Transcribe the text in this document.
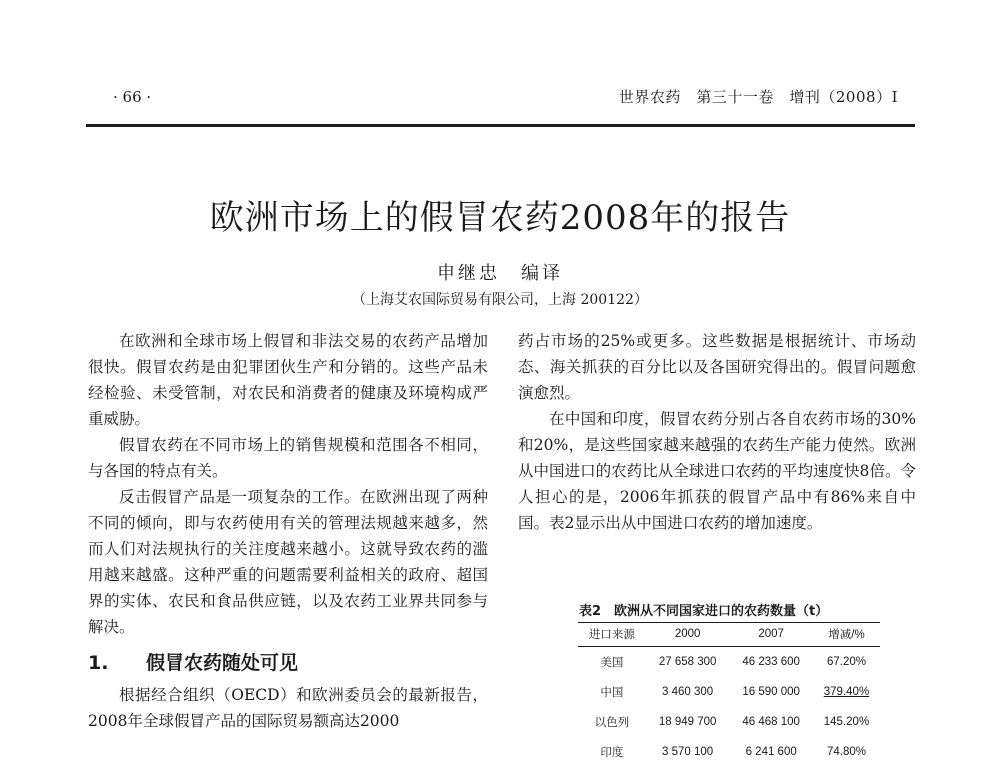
· 66 ·	世界农药　第三十一卷　增刊（2008）Ⅰ
欧洲市场上的假冒农药2008年的报告
申继忠　编译
（上海艾农国际贸易有限公司，上海 200122）

在欧洲和全球市场上假冒和非法交易的农药产品增加很快。假冒农药是由犯罪团伙生产和分销的。这些产品未经检验、未受管制，对农民和消费者的健康及环境构成严重威胁。

假冒农药在不同市场上的销售规模和范围各不相同，与各国的特点有关。

反击假冒产品是一项复杂的工作。在欧洲出现了两种不同的倾向，即与农药使用有关的管理法规越来越多，然而人们对法规执行的关注度越来越小。这就导致农药的滥用越来越盛。这种严重的问题需要利益相关的政府、超国界的实体、农民和食品供应链，以及农药工业界共同参与解决。

1. 假冒农药随处可见

根据经合组织（OECD）和欧洲委员会的最新报告，2008年全球假冒产品的国际贸易额高达2000

药占市场的25%或更多。这些数据是根据统计、市场动态、海关抓获的百分比以及各国研究得出的。假冒问题愈演愈烈。

在中国和印度，假冒农药分别占各自农药市场的30%和20%，是这些国家越来越强的农药生产能力使然。欧洲从中国进口的农药比从全球进口农药的平均速度快8倍。令人担心的是，2006年抓获的假冒产品中有86%来自中国。表2显示出从中国进口农药的增加速度。

表2　欧洲从不同国家进口的农药数量（t）
进口来源	2000	2007	增减/%
美国	27 658 300	46 233 600	67.20%
中国	3 460 300	16 590 000	379.40%
以色列	18 949 700	46 468 100	145.20%
印度	3 570 100	6 241 600	74.80%
